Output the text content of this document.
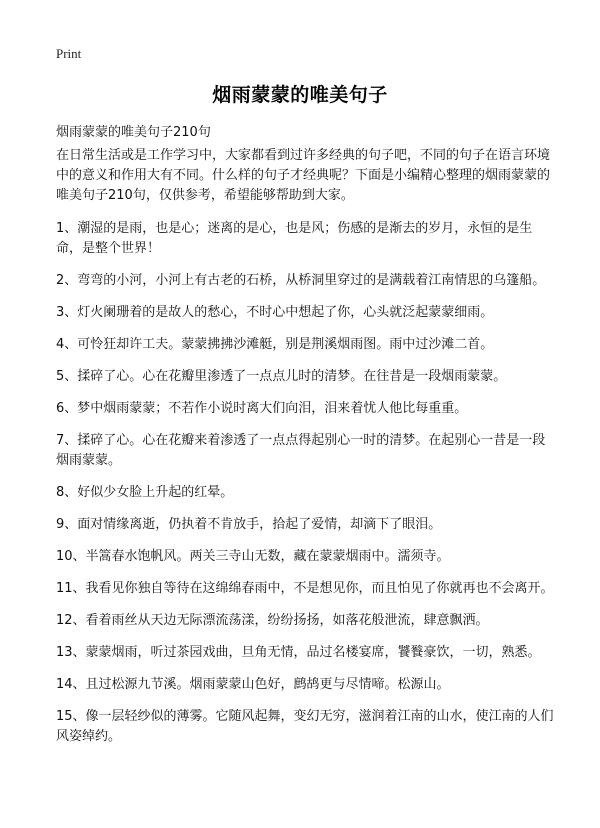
Print
烟雨蒙蒙的唯美句子
烟雨蒙蒙的唯美句子210句

在日常生活或是工作学习中，大家都看到过许多经典的句子吧，不同的句子在语言环境中的意义和作用大有不同。什么样的句子才经典呢？下面是小编精心整理的烟雨蒙蒙的唯美句子210句，仅供参考，希望能够帮助到大家。

1、潮湿的是雨，也是心；迷离的是心，也是风；伤感的是渐去的岁月，永恒的是生命，是整个世界！

2、弯弯的小河，小河上有古老的石桥，从桥洞里穿过的是满载着江南情思的乌篷船。

3、灯火阑珊着的是故人的愁心，不时心中想起了你，心头就泛起蒙蒙细雨。

4、可怜狂却许工夫。蒙蒙拂拂沙滩艇，别是荆溪烟雨图。雨中过沙滩二首。

5、揉碎了心。心在花瓣里渗透了一点点儿时的清梦。在往昔是一段烟雨蒙蒙。

6、梦中烟雨蒙蒙；不若作小说时离大们向泪，泪来着忧人他比每重重。

7、揉碎了心。心在花瓣来着渗透了一点点得起别心一时的清梦。在起别心一昔是一段烟雨蒙蒙。

8、好似少女脸上升起的红晕。

9、面对情缘离逝，仍执着不肯放手，拾起了爱情，却滴下了眼泪。

10、半篙春水饱帆风。两关三寺山无数，藏在蒙蒙烟雨中。濡须寺。

11、我看见你独自等待在这绵绵春雨中，不是想见你，而且怕见了你就再也不会离开。

12、看着雨丝从天边无际漂流荡漾，纷纷扬扬，如落花般泄流，肆意飘洒。

13、蒙蒙烟雨，听过茶园戏曲，旦角无情，品过名楼宴席，饕餮豪饮，一切，熟悉。

14、且过松源九节溪。烟雨蒙蒙山色好，鹧鸪更与尽情啼。松源山。

15、像一层轻纱似的薄雾。它随风起舞，变幻无穷，滋润着江南的山水，使江南的人们风姿绰约。
